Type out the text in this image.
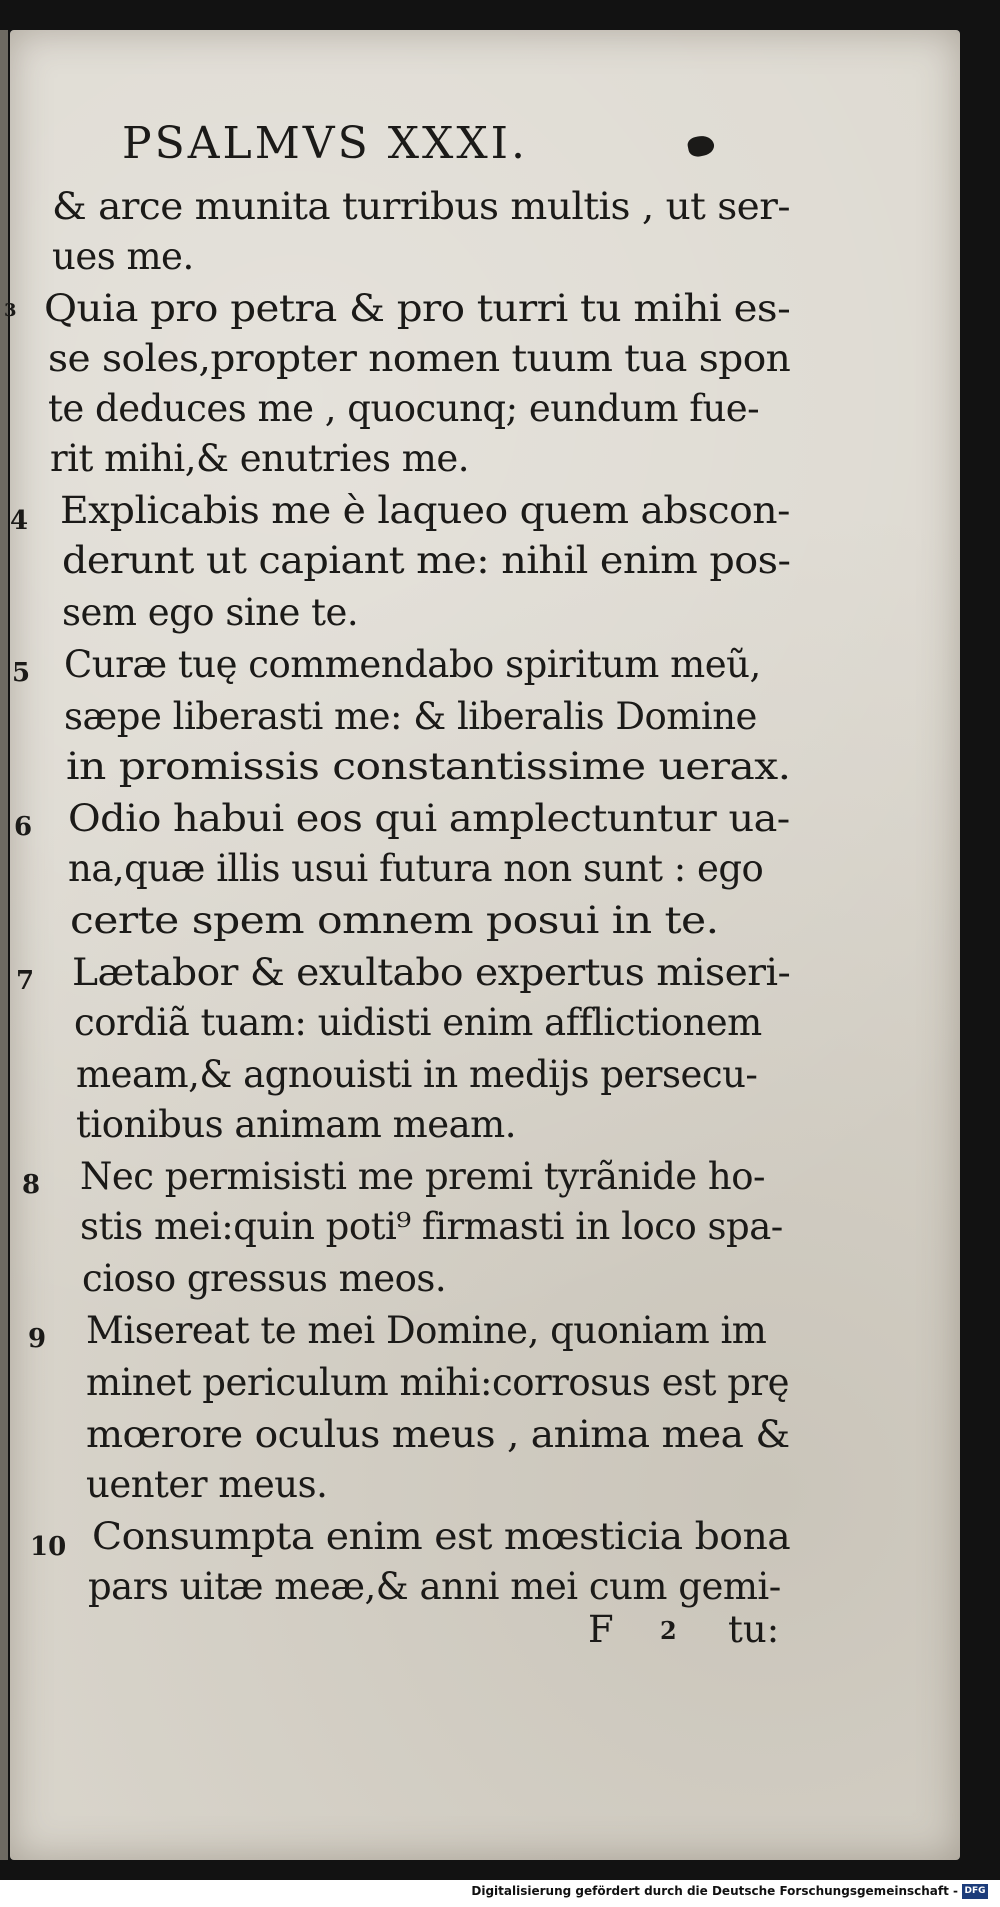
PSALMVS XXXI.
& arce munita turribus multis , ut ser-
ues me.
Quia pro petra & pro turri tu mihi es-
se soles,propter nomen tuum tua spon
te deduces me , quocunq; eundum fue-
rit mihi,& enutries me.
Explicabis me è laqueo quem abscon-
derunt ut capiant me: nihil enim pos-
sem ego sine te.
Curæ tuę commendabo spiritum meũ,
sæpe liberasti me: & liberalis Domine
in promissis constantissime uerax.
Odio habui eos qui amplectuntur ua-
na,quæ illis usui futura non sunt : ego
certe spem omnem posui in te.
Lætabor & exultabo expertus miseri-
cordiã tuam: uidisti enim afflictionem
meam,& agnouisti in medijs persecu-
tionibus animam meam.
Nec permisisti me premi tyrãnide ho-
stis mei:quin poti⁹ firmasti in loco spa-
cioso gressus meos.
Misereat te mei Domine, quoniam im
minet periculum mihi:corrosus est prę
mœrore oculus meus , anima mea &
uenter meus.
Consumpta enim est mœsticia bona
pars uitæ meæ,& anni mei cum gemi-
3
4
5
6
7
8
9
10
F 2 tu:
Digitalisierung gefördert durch die Deutsche Forschungsgemeinschaft - DFG
